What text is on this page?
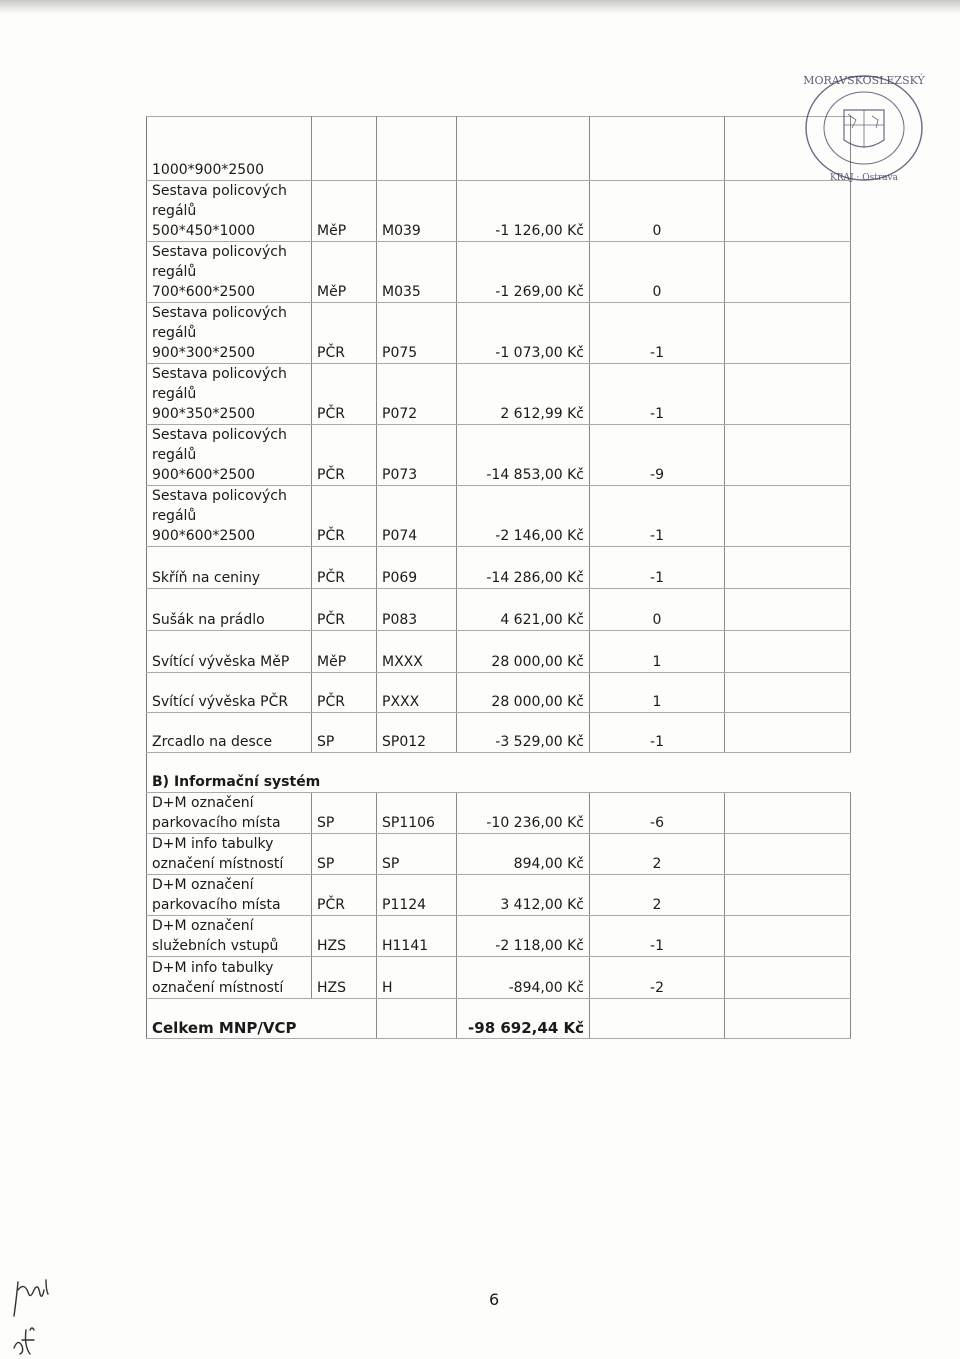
1000*900*2500					

Sestava policových
regálů
500*450*1000	MěP	M039	-1 126,00 Kč	0	

Sestava policových
regálů
700*600*2500	MěP	M035	-1 269,00 Kč	0	

Sestava policových
regálů
900*300*2500	PČR	P075	-1 073,00 Kč	-1	

Sestava policových
regálů
900*350*2500	PČR	P072	2 612,99 Kč	-1	

Sestava policových
regálů
900*600*2500	PČR	P073	-14 853,00 Kč	-9	

Sestava policových
regálů
900*600*2500	PČR	P074	-2 146,00 Kč	-1	

Skříň na ceniny	PČR	P069	-14 286,00 Kč	-1	

Sušák na prádlo	PČR	P083	4 621,00 Kč	0	

Svítící vývěska MěP	MěP	MXXX	28 000,00 Kč	1	

Svítící vývěska PČR	PČR	PXXX	28 000,00 Kč	1	

Zrcadlo na desce	SP	SP012	-3 529,00 Kč	-1	
B) Informační systém					

D+M označení
parkovacího místa	SP	SP1106	-10 236,00 Kč	-6	

D+M info tabulky
označení místností	SP	SP	894,00 Kč	2	

D+M označení
parkovacího místa	PČR	P1124	3 412,00 Kč	2	

D+M označení
služebních vstupů	HZS	H1141	-2 118,00 Kč	-1	

D+M info tabulky
označení místností	HZS	H	-894,00 Kč	-2	
Celkem MNP/VCP			-98 692,44 Kč		
6
MORAVSKOSLEZSKÝ
KRAJ · Ostrava
